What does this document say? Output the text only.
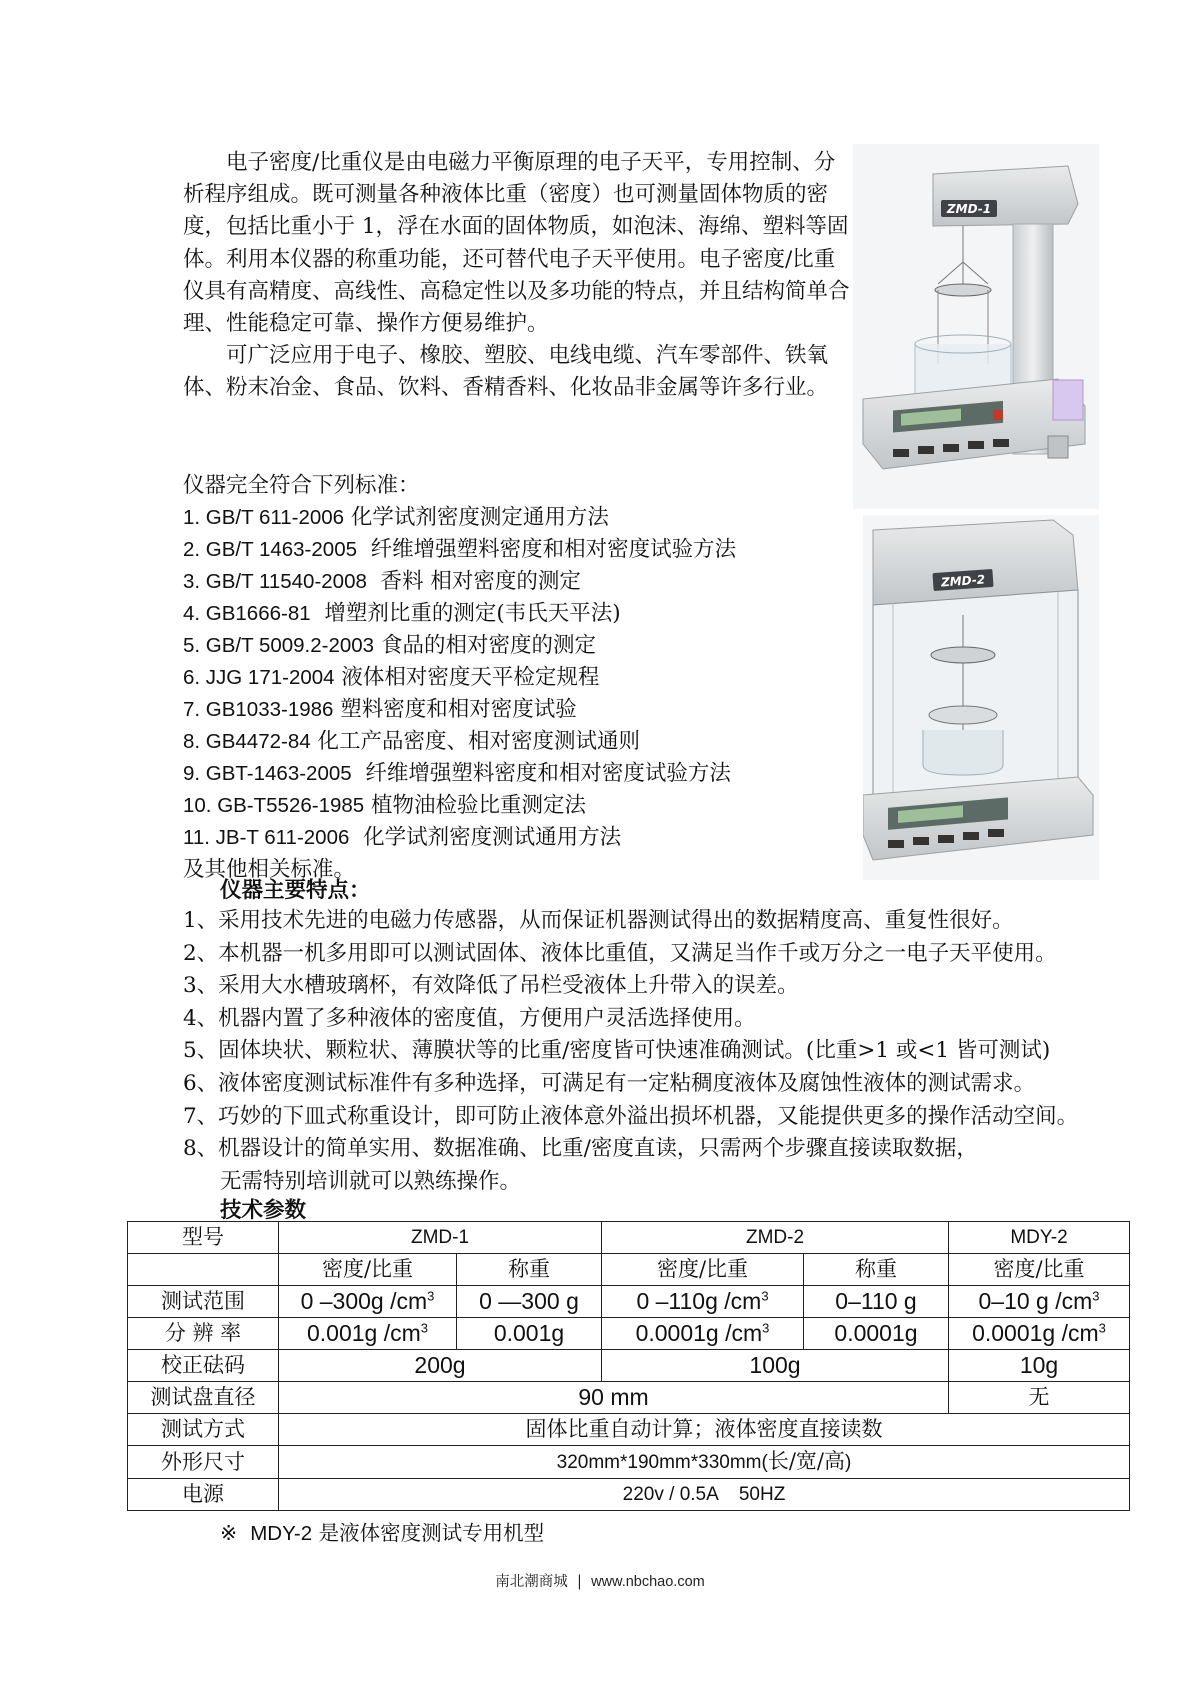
电子密度/比重仪是由电磁力平衡原理的电子天平，专用控制、分析程序组成。既可测量各种液体比重（密度）也可测量固体物质的密度，包括比重小于 1，浮在水面的固体物质，如泡沫、海绵、塑料等固体。利用本仪器的称重功能，还可替代电子天平使用。电子密度/比重仪具有高精度、高线性、高稳定性以及多功能的特点，并且结构简单合理、性能稳定可靠、操作方便易维护。

可广泛应用于电子、橡胶、塑胶、电线电缆、汽车零部件、铁氧体、粉末冶金、食品、饮料、香精香料、化妆品非金属等许多行业。

仪器完全符合下列标准：
1. GB/T 611-2006 化学试剂密度测定通用方法
2. GB/T 1463-2005 纤维增强塑料密度和相对密度试验方法
3. GB/T 11540-2008 香料 相对密度的测定
4. GB1666-81 增塑剂比重的测定(韦氏天平法)
5. GB/T 5009.2-2003 食品的相对密度的测定
6. JJG 171-2004 液体相对密度天平检定规程
7. GB1033-1986 塑料密度和相对密度试验
8. GB4472-84 化工产品密度、相对密度测试通则
9. GBT-1463-2005 纤维增强塑料密度和相对密度试验方法
10. GB-T5526-1985 植物油检验比重测定法
11. JB-T 611-2006 化学试剂密度测试通用方法
及其他相关标准。
ZMD-1
ZMD-2
仪器主要特点：
1、采用技术先进的电磁力传感器，从而保证机器测试得出的数据精度高、重复性很好。
2、本机器一机多用即可以测试固体、液体比重值，又满足当作千或万分之一电子天平使用。
3、采用大水槽玻璃杯，有效降低了吊栏受液体上升带入的误差。
4、机器内置了多种液体的密度值，方便用户灵活选择使用。
5、固体块状、颗粒状、薄膜状等的比重/密度皆可快速准确测试。(比重>1 或<1 皆可测试)
6、液体密度测试标准件有多种选择，可满足有一定粘稠度液体及腐蚀性液体的测试需求。
7、巧妙的下皿式称重设计，即可防止液体意外溢出损坏机器，又能提供更多的操作活动空间。
8、机器设计的简单实用、数据准确、比重/密度直读，只需两个步骤直接读取数据，
无需特别培训就可以熟练操作。
技术参数
型号	ZMD-1		ZMD-2		MDY-2
	密度/比重	称重	密度/比重	称重	密度/比重
测试范围	0 –300g $/cm^3$	0 —300 g	0 –110g $/cm^3$	0–110 g	0–10 g $/cm^3$
分 辨 率	0.001g $/cm^3$	0.001g	0.0001g $/cm^3$	0.0001g	0.0001g $/cm^3$
校正砝码	200g		100g		10g
测试盘直径	90 mm				无
测试方式	固体比重自动计算；液体密度直接读数				
外形尺寸	320mm*190mm*330mm(长/宽/高)				
电源	220v / 0.5A    50HZ				
※ MDY-2 是液体密度测试专用机型
南北潮商城 | www.nbchao.com
